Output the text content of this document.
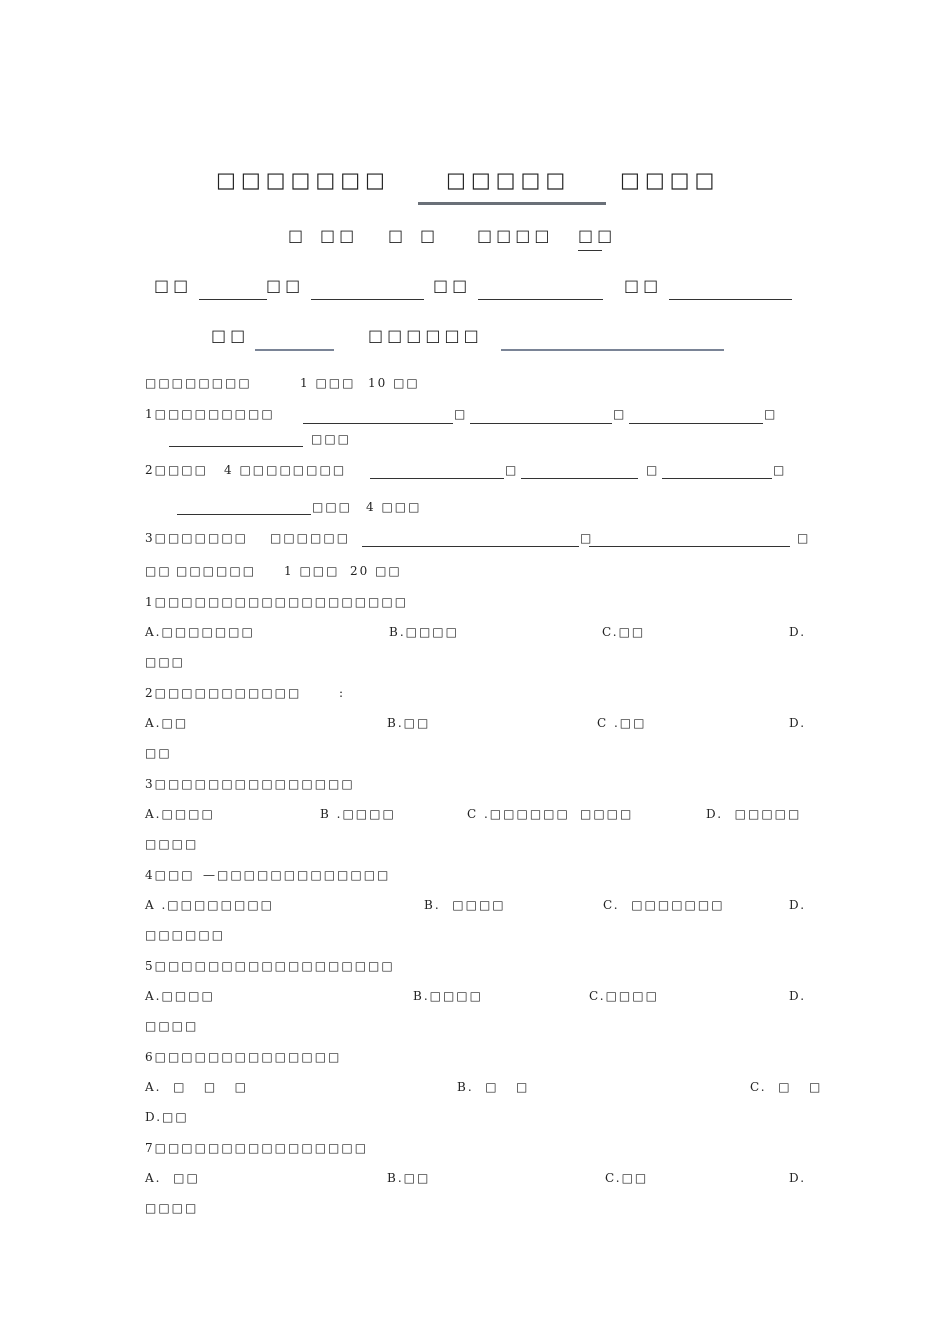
□□□□□□□	□□□□□ □□□□
□ □□ □ □ □□□□ □□
□□	□□	□□	□□
□□	□□□□□□
□□□□□□□□	1 □□□ 10 □□
1□□□□□□□□□	□	□	□
□□□
2□□□□ 4 □□□□□□□□	□	□	□
□□□ 4 □□□
3□□□□□□□ □□□□□□	□	□
□□ □□□□□□ 1 □□□ 20 □□
1□□□□□□□□□□□□□□□□□□□
A.□□□□□□□	B.□□□□	C.□□	D.
□□□
2□□□□□□□□□□□	:
A.□□	B.□□	C .□□	D.
□□
3□□□□□□□□□□□□□□□
A.□□□□	B .□□□□	C .□□□□□□ □□□□	D.  □□□□□
□□□□
4□□□ —□□□□□□□□□□□□□
A .□□□□□□□□	B.  □□□□	C.  □□□□□□□	D.
□□□□□□
5□□□□□□□□□□□□□□□□□□
A.□□□□	B.□□□□	C.□□□□	D.
□□□□
6□□□□□□□□□□□□□□
A.  □   □   □	B.  □   □	C.  □   □
D.□□
7□□□□□□□□□□□□□□□□
A.  □□	B.□□	C.□□	D.
□□□□
